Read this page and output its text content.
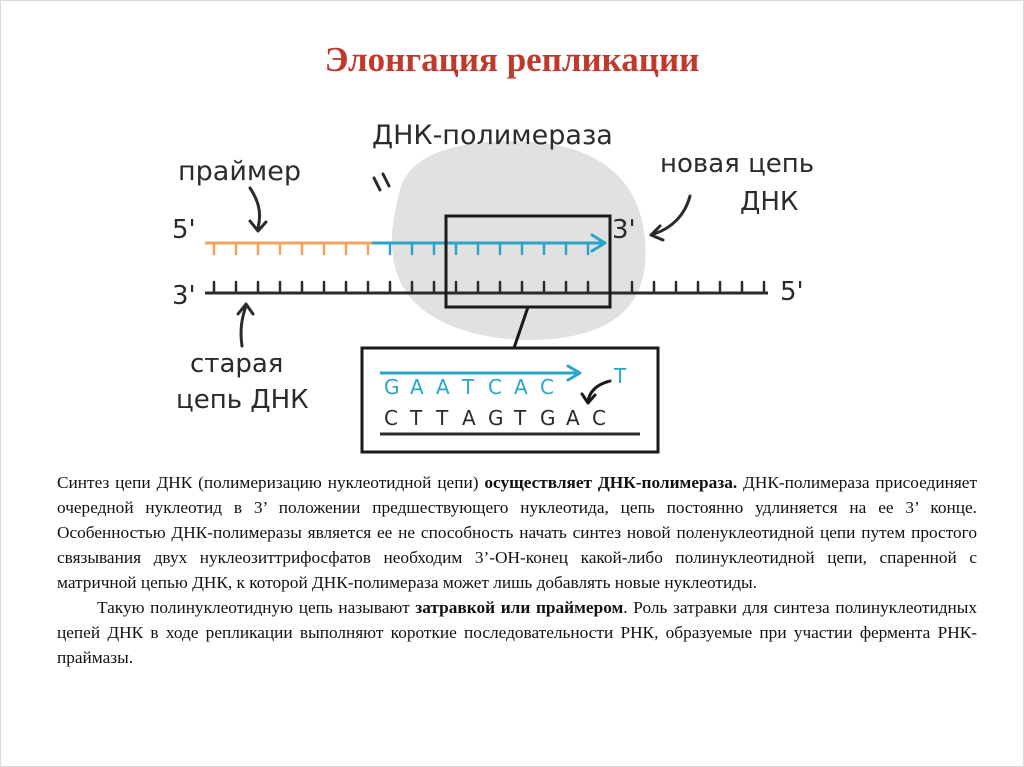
Элонгация репликации
G A A T C A C	T
C T T A G T G A C
ДНК-полимераза
праймер	новая цепь
ДНК
старая
цепь ДНК
5'	3'
3'	5'

Синтез цепи ДНК (полимеризацию нуклеотидной цепи) осуществляет ДНК-полимераза. ДНК-полимераза присоединяет очередной нуклеотид в 3’ положении предшествующего нуклеотида, цепь постоянно удлиняется на ее 3’ конце. Особенностью ДНК-полимеразы является ее не способность начать синтез новой поленуклеотидной цепи путем простого связывания двух нуклеозиттрифосфатов необходим 3’-ОН-конец какой-либо полинуклеотидной цепи, спаренной с матричной цепью ДНК, к которой ДНК-полимераза может лишь добавлять новые нуклеотиды.

Такую полинуклеотидную цепь называют затравкой или праймером. Роль затравки для синтеза полинуклеотидных цепей ДНК в ходе репликации выполняют короткие последовательности РНК, образуемые при участии фермента РНК-праймазы.
